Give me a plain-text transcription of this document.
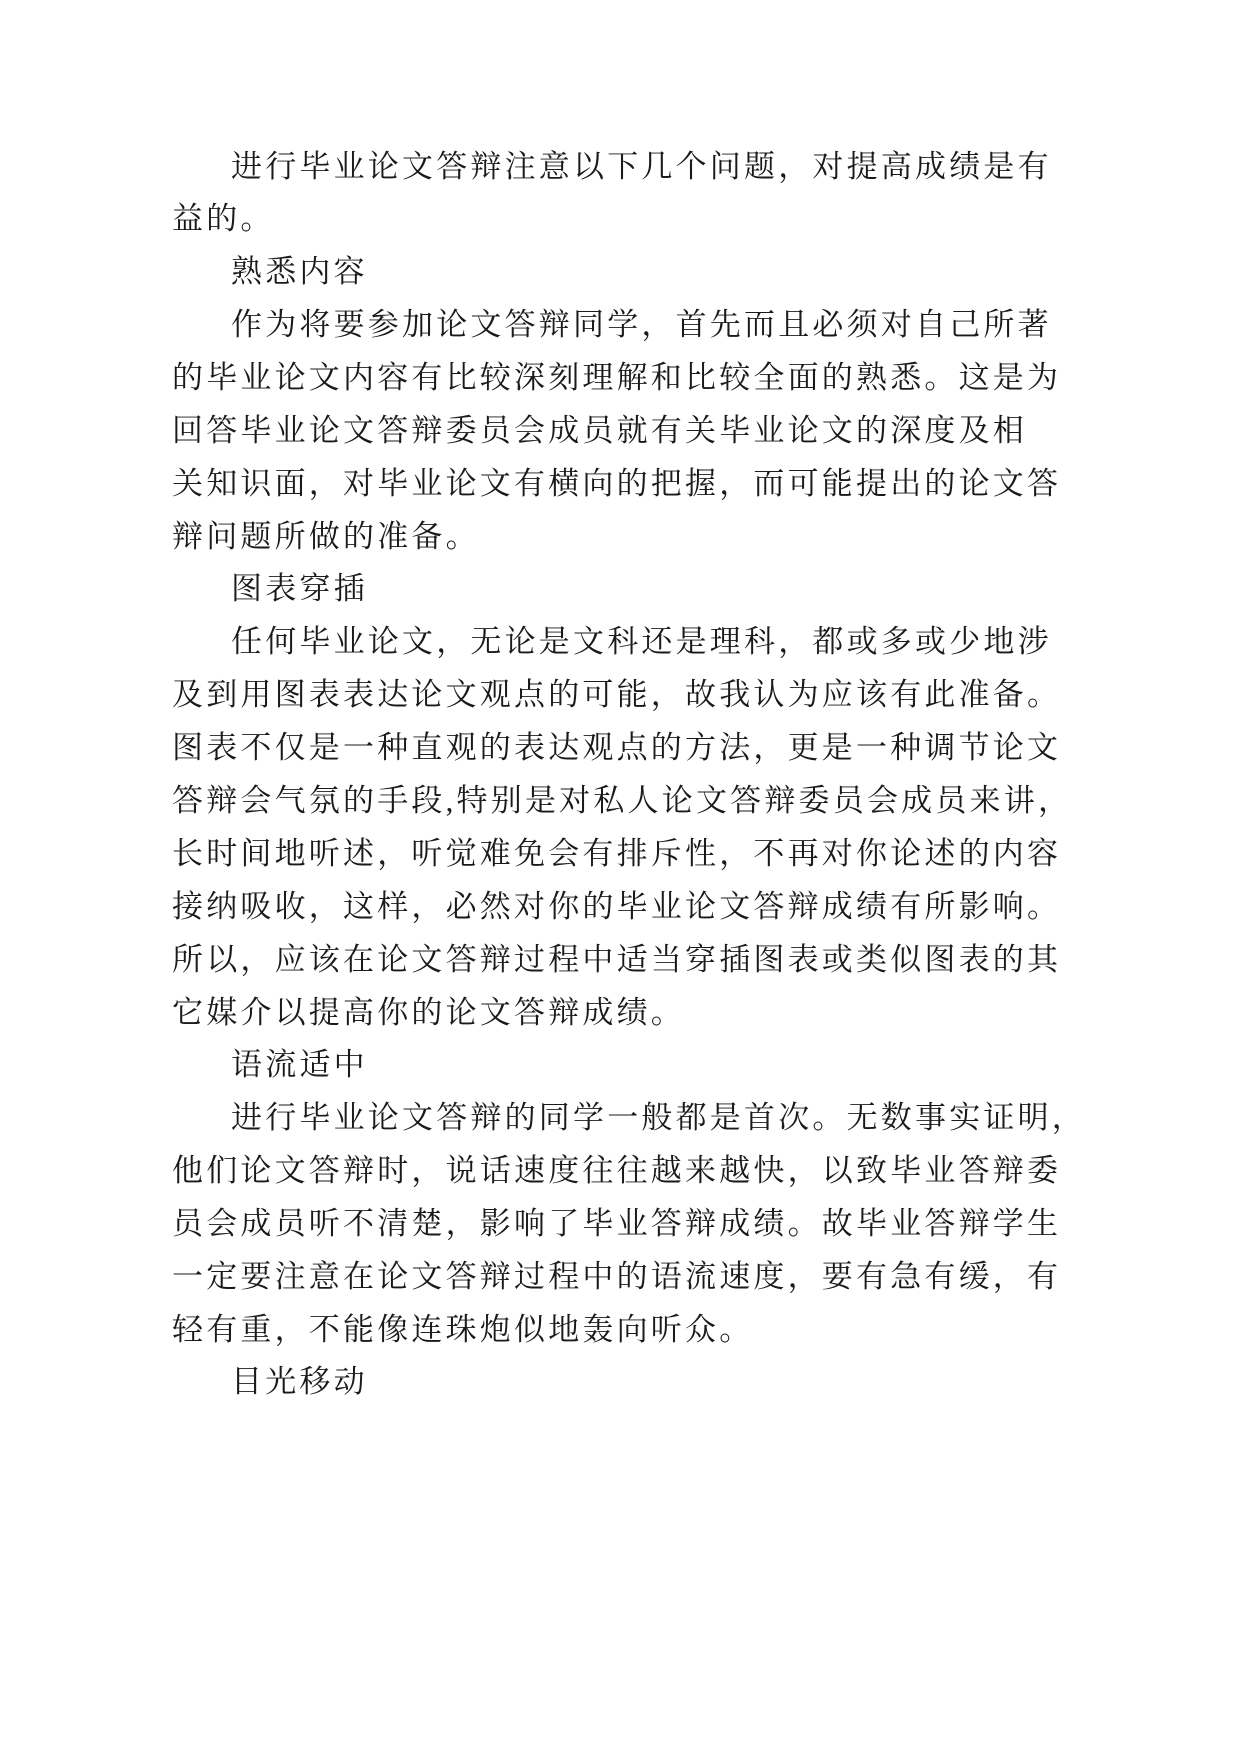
进行毕业论文答辩注意以下几个问题，对提高成绩是有
益的。
熟悉内容
作为将要参加论文答辩同学，首先而且必须对自己所著
的毕业论文内容有比较深刻理解和比较全面的熟悉。这是为
回答毕业论文答辩委员会成员就有关毕业论文的深度及相
关知识面，对毕业论文有横向的把握，而可能提出的论文答
辩问题所做的准备。
图表穿插
任何毕业论文，无论是文科还是理科，都或多或少地涉
及到用图表表达论文观点的可能，故我认为应该有此准备。
图表不仅是一种直观的表达观点的方法，更是一种调节论文
答辩会气氛的手段,特别是对私人论文答辩委员会成员来讲，
长时间地听述，听觉难免会有排斥性，不再对你论述的内容
接纳吸收，这样，必然对你的毕业论文答辩成绩有所影响。
所以，应该在论文答辩过程中适当穿插图表或类似图表的其
它媒介以提高你的论文答辩成绩。
语流适中
进行毕业论文答辩的同学一般都是首次。无数事实证明，
他们论文答辩时，说话速度往往越来越快，以致毕业答辩委
员会成员听不清楚，影响了毕业答辩成绩。故毕业答辩学生
一定要注意在论文答辩过程中的语流速度，要有急有缓，有
轻有重，不能像连珠炮似地轰向听众。
目光移动
